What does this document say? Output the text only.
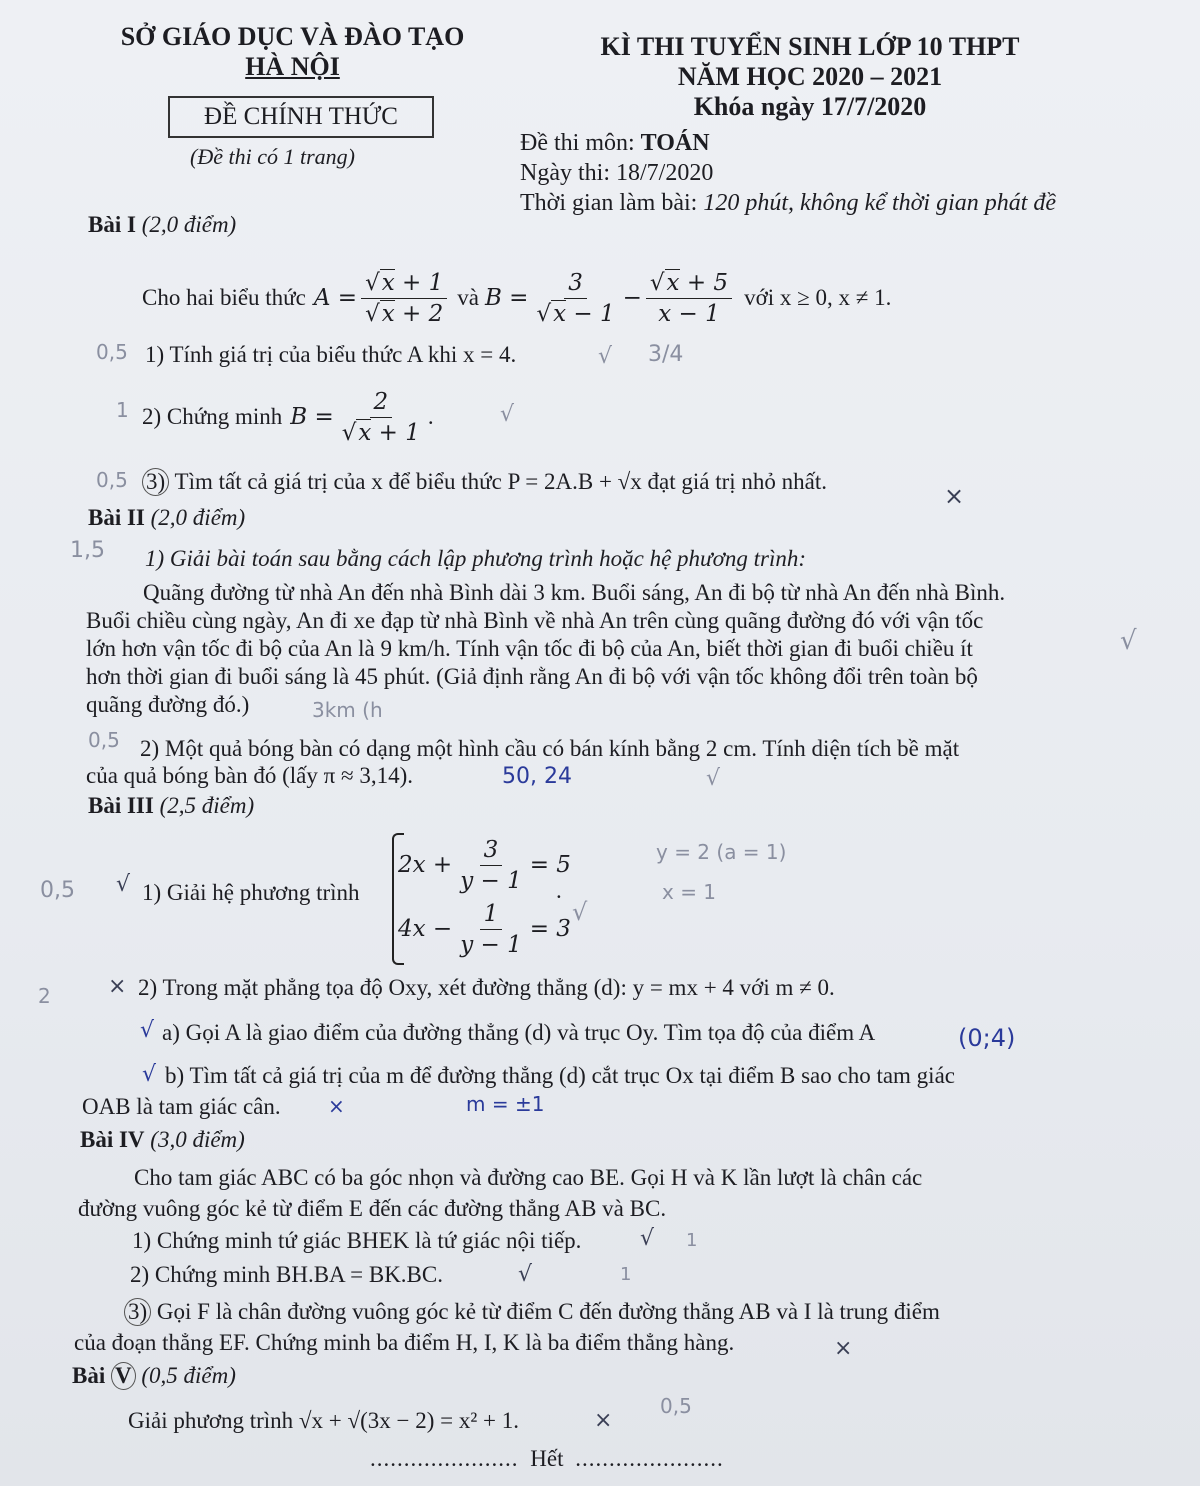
SỞ GIÁO DỤC VÀ ĐÀO TẠO
HÀ NỘI
ĐỀ CHÍNH THỨC
(Đề thi có 1 trang)
KÌ THI TUYỂN SINH LỚP 10 THPT
NĂM HỌC 2020 – 2021
Khóa ngày 17/7/2020
Đề thi môn: TOÁN
Ngày thi: 18/7/2020
Thời gian làm bài: 120 phút, không kể thời gian phát đề
Bài I (2,0 điểm)
Cho hai biểu thức $A = \frac{√x + 1}{√x + 2}$ và $B = \frac{3}{√x - 1} - \frac{√x + 5}{x - 1}$ với x ≥ 0, x ≠ 1.
1) Tính giá trị của biểu thức A khi x = 4.
2) Chứng minh $B = \frac{2}{√x + 1}$ .
3) Tìm tất cả giá trị của x để biểu thức P = 2A.B + √x đạt giá trị nhỏ nhất.
Bài II (2,0 điểm)
1) Giải bài toán sau bằng cách lập phương trình hoặc hệ phương trình:
Quãng đường từ nhà An đến nhà Bình dài 3 km. Buổi sáng, An đi bộ từ nhà An đến nhà Bình.
Buổi chiều cùng ngày, An đi xe đạp từ nhà Bình về nhà An trên cùng quãng đường đó với vận tốc
lớn hơn vận tốc đi bộ của An là 9 km/h. Tính vận tốc đi bộ của An, biết thời gian đi buổi chiều ít
hơn thời gian đi buổi sáng là 45 phút. (Giả định rằng An đi bộ với vận tốc không đổi trên toàn bộ
quãng đường đó.)
2) Một quả bóng bàn có dạng một hình cầu có bán kính bằng 2 cm. Tính diện tích bề mặt
của quả bóng bàn đó (lấy π ≈ 3,14).
Bài III (2,5 điểm)
1) Giải hệ phương trình
$2x + \frac{3}{y - 1} = 5$
$4x - \frac{1}{y - 1} = 3$
.
2) Trong mặt phẳng tọa độ Oxy, xét đường thẳng (d): y = mx + 4 với m ≠ 0.
a) Gọi A là giao điểm của đường thẳng (d) và trục Oy. Tìm tọa độ của điểm A
b) Tìm tất cả giá trị của m để đường thẳng (d) cắt trục Ox tại điểm B sao cho tam giác
OAB là tam giác cân.
Bài IV (3,0 điểm)
Cho tam giác ABC có ba góc nhọn và đường cao BE. Gọi H và K lần lượt là chân các
đường vuông góc kẻ từ điểm E đến các đường thẳng AB và BC.
1) Chứng minh tứ giác BHEK là tứ giác nội tiếp.
2) Chứng minh BH.BA = BK.BC.
3) Gọi F là chân đường vuông góc kẻ từ điểm C đến đường thẳng AB và I là trung điểm
của đoạn thẳng EF. Chứng minh ba điểm H, I, K là ba điểm thẳng hàng.
Bài V (0,5 điểm)
Giải phương trình √x + √(3x − 2) = x² + 1.
...................... Hết ......................
0,5	√ 3/4
1	√
0,5
×
1,5
√
3km (h
0,5
50, 24	√
0,5 √
√
y = 2 (a = 1)
x = 1
2	×
√	(0;4)
√
×	m = ±1
√ 1
√	1
×
0,5
×
